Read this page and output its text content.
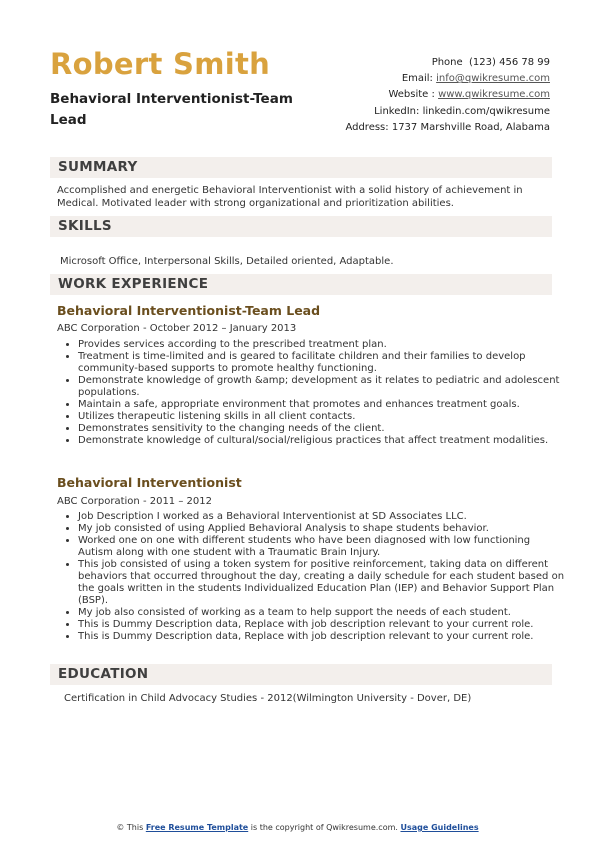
Robert Smith
Behavioral Interventionist-Team Lead
Phone (123) 456 78 99
Email: info@qwikresume.com
Website : www.qwikresume.com
LinkedIn: linkedin.com/qwikresume
Address: 1737 Marshville Road, Alabama
SUMMARY

Accomplished and energetic Behavioral Interventionist with a solid history of achievement in Medical. Motivated leader with strong organizational and prioritization abilities.

SKILLS

Microsoft Office, Interpersonal Skills, Detailed oriented, Adaptable.

WORK EXPERIENCE
Behavioral Interventionist-Team Lead

ABC Corporation - October 2012 – January 2013

• Provides services according to the prescribed treatment plan.
• Treatment is time-limited and is geared to facilitate children and their families to develop community-based supports to promote healthy functioning.
• Demonstrate knowledge of growth &amp; development as it relates to pediatric and adolescent populations.
• Maintain a safe, appropriate environment that promotes and enhances treatment goals.
• Utilizes therapeutic listening skills in all client contacts.
• Demonstrates sensitivity to the changing needs of the client.
• Demonstrate knowledge of cultural/social/religious practices that affect treatment modalities.
Behavioral Interventionist

ABC Corporation - 2011 – 2012

• Job Description I worked as a Behavioral Interventionist at SD Associates LLC.
• My job consisted of using Applied Behavioral Analysis to shape students behavior.
• Worked one on one with different students who have been diagnosed with low functioning Autism along with one student with a Traumatic Brain Injury.
• This job consisted of using a token system for positive reinforcement, taking data on different behaviors that occurred throughout the day, creating a daily schedule for each student based on the goals written in the students Individualized Education Plan (IEP) and Behavior Support Plan (BSP).
• My job also consisted of working as a team to help support the needs of each student.
• This is Dummy Description data, Replace with job description relevant to your current role.
• This is Dummy Description data, Replace with job description relevant to your current role.
EDUCATION

Certification in Child Advocacy Studies - 2012(Wilmington University - Dover, DE)

© This Free Resume Template is the copyright of Qwikresume.com. Usage Guidelines
